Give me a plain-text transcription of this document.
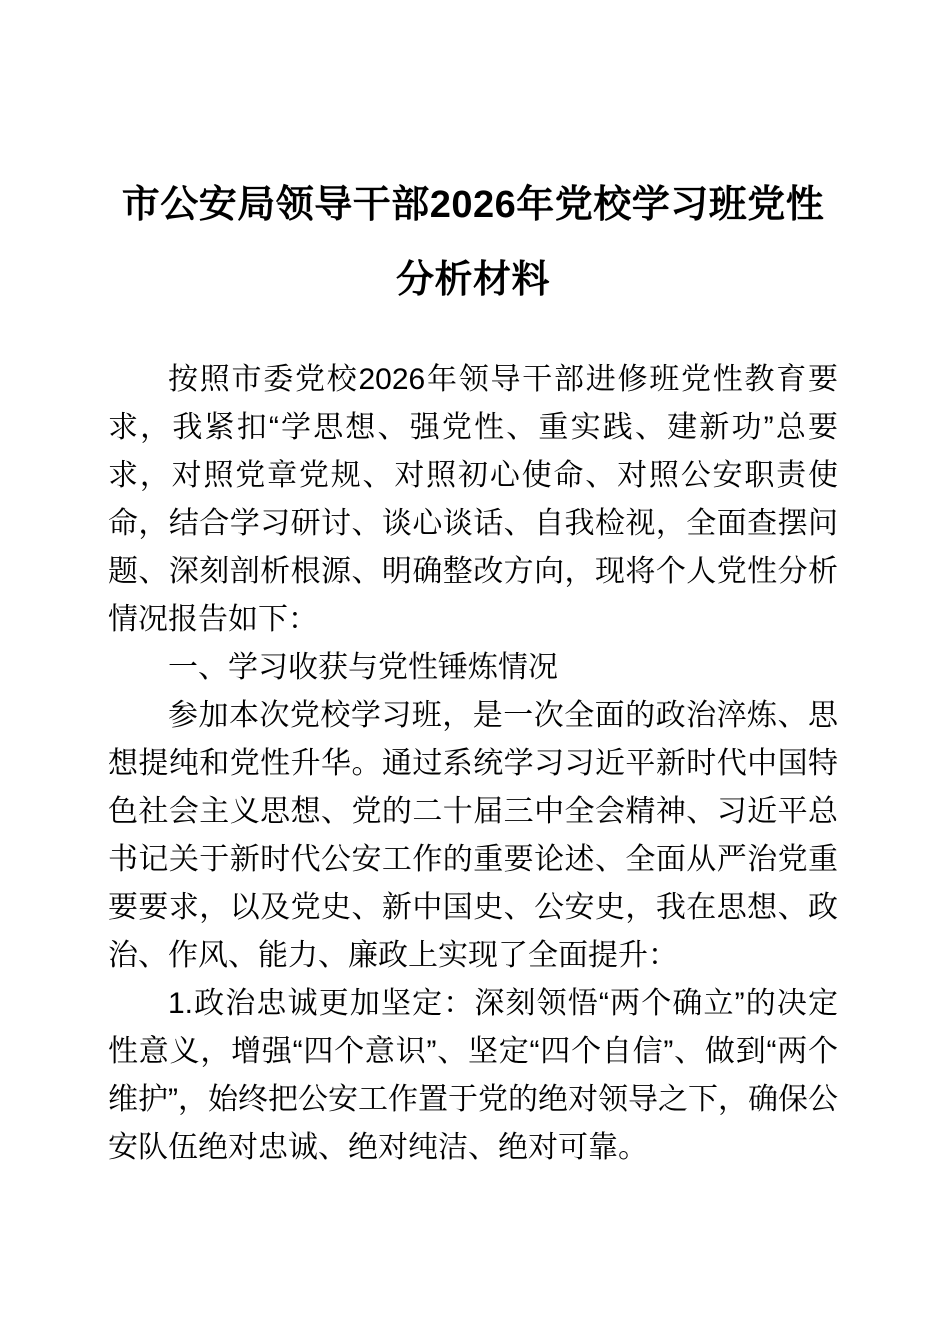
市公安局领导干部2026年党校学习班党性
分析材料

按照市委党校2026年领导干部进修班党性教育要求，我紧扣“学思想、强党性、重实践、建新功”总要求，对照党章党规、对照初心使命、对照公安职责使命，结合学习研讨、谈心谈话、自我检视，全面查摆问题、深刻剖析根源、明确整改方向，现将个人党性分析情况报告如下：

一、学习收获与党性锤炼情况

参加本次党校学习班，是一次全面的政治淬炼、思想提纯和党性升华。通过系统学习习近平新时代中国特色社会主义思想、党的二十届三中全会精神、习近平总书记关于新时代公安工作的重要论述、全面从严治党重要要求，以及党史、新中国史、公安史，我在思想、政治、作风、能力、廉政上实现了全面提升：

1.政治忠诚更加坚定：深刻领悟“两个确立”的决定性意义，增强“四个意识”、坚定“四个自信”、做到“两个维护”，始终把公安工作置于党的绝对领导之下，确保公安队伍绝对忠诚、绝对纯洁、绝对可靠。
